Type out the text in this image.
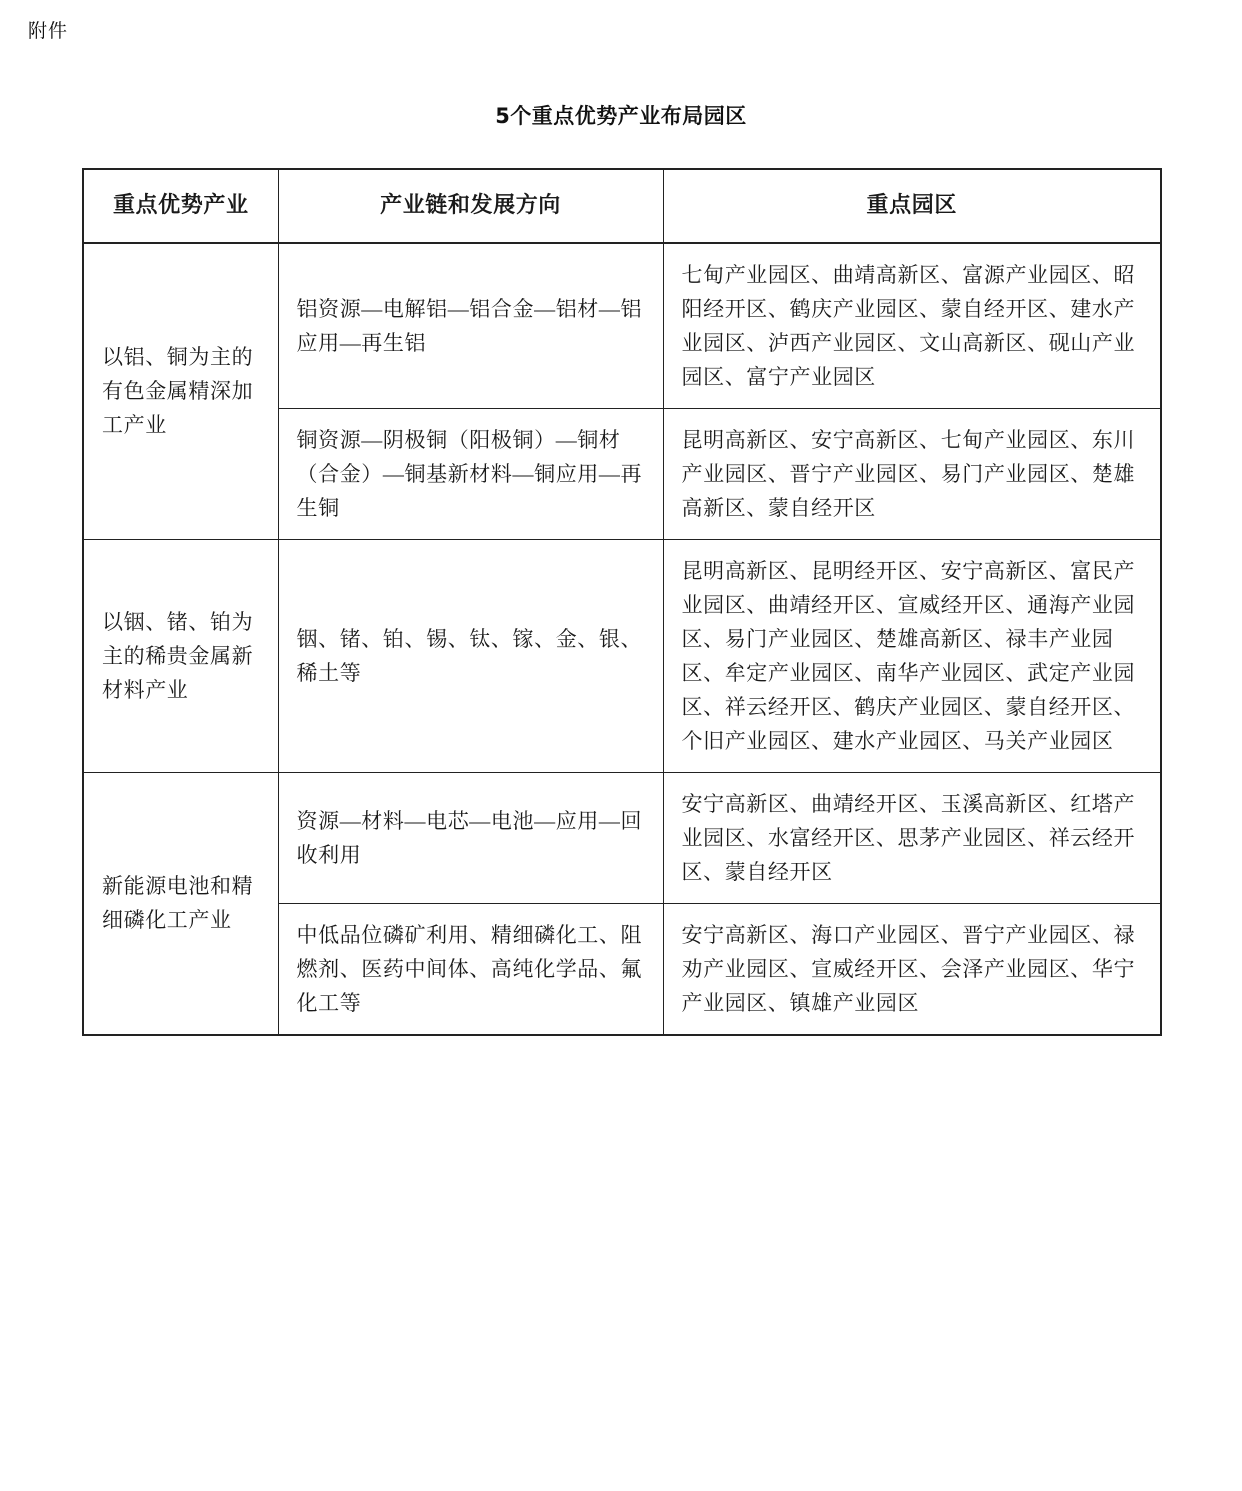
附件
5个重点优势产业布局园区
重点优势产业	产业链和发展方向	重点园区

以铝、铜为主的有色金属精深加工产业	铝资源—电解铝—铝合金—铝材—铝应用—再生铝	七甸产业园区、曲靖高新区、富源产业园区、昭阳经开区、鹤庆产业园区、蒙自经开区、建水产业园区、泸西产业园区、文山高新区、砚山产业园区、富宁产业园区

	铜资源—阴极铜（阳极铜）—铜材（合金）—铜基新材料—铜应用—再生铜	昆明高新区、安宁高新区、七甸产业园区、东川产业园区、晋宁产业园区、易门产业园区、楚雄高新区、蒙自经开区

以铟、锗、铂为主的稀贵金属新材料产业	铟、锗、铂、锡、钛、镓、金、银、稀土等	昆明高新区、昆明经开区、安宁高新区、富民产业园区、曲靖经开区、宣威经开区、通海产业园区、易门产业园区、楚雄高新区、禄丰产业园区、牟定产业园区、南华产业园区、武定产业园区、祥云经开区、鹤庆产业园区、蒙自经开区、个旧产业园区、建水产业园区、马关产业园区

新能源电池和精细磷化工产业	资源—材料—电芯—电池—应用—回收利用	安宁高新区、曲靖经开区、玉溪高新区、红塔产业园区、水富经开区、思茅产业园区、祥云经开区、蒙自经开区

	中低品位磷矿利用、精细磷化工、阻燃剂、医药中间体、高纯化学品、氟化工等	安宁高新区、海口产业园区、晋宁产业园区、禄劝产业园区、宣威经开区、会泽产业园区、华宁产业园区、镇雄产业园区
